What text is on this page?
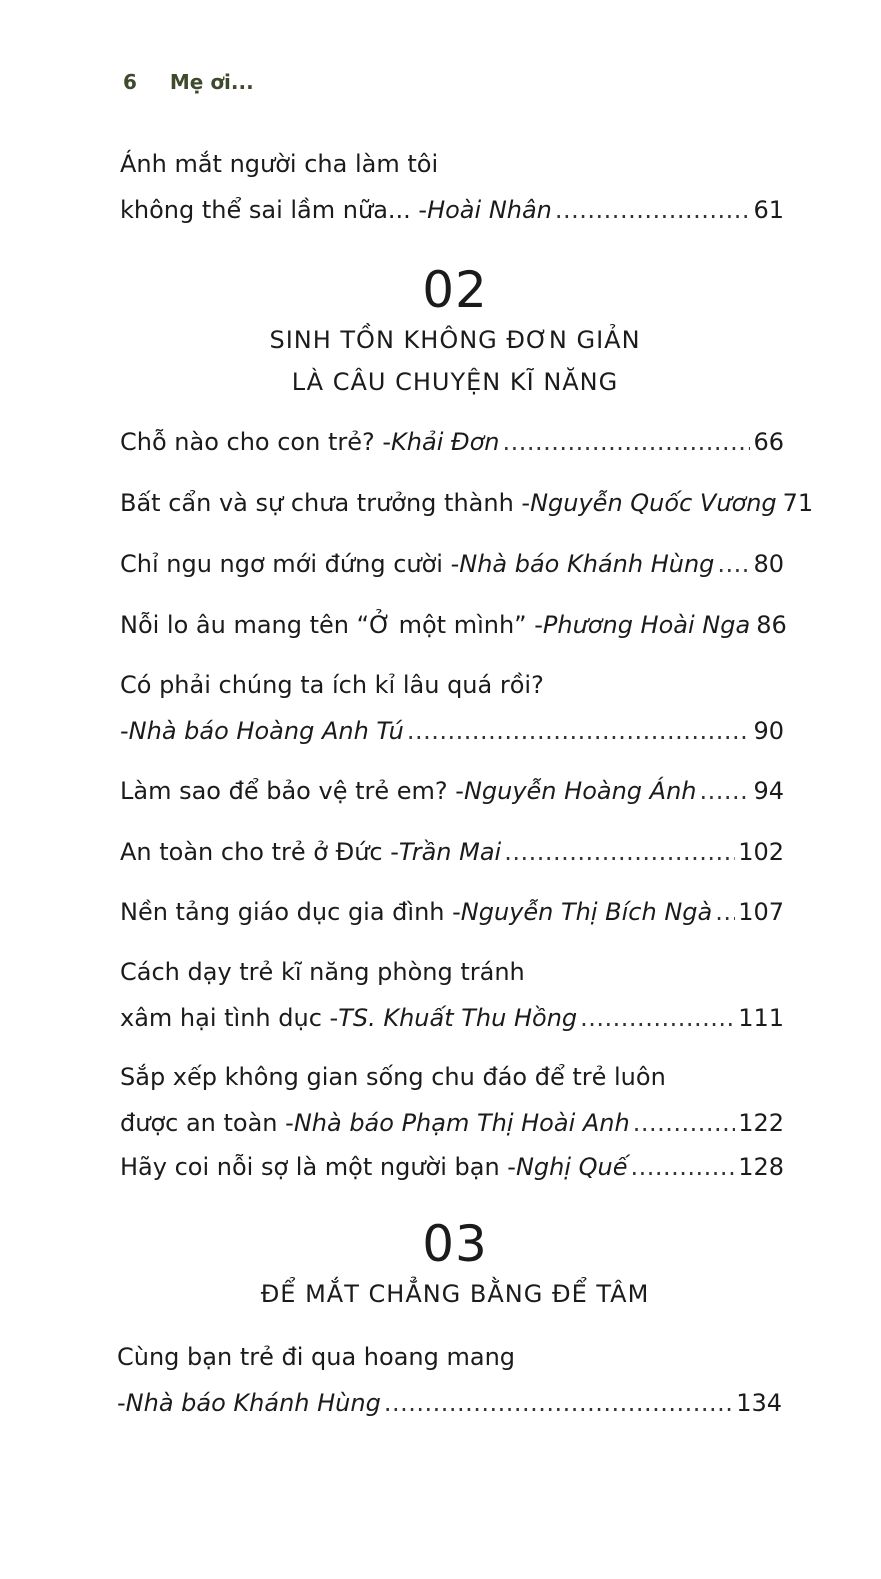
6 Mẹ ơi...
Ánh mắt người cha làm tôi
không thể sai lầm nữa... - Hoài Nhân .....	61
02
SINH TỒN KHÔNG ĐƠN GIẢN
LÀ CÂU CHUYỆN KĨ NĂNG
Chỗ nào cho con trẻ? - Khải Đơn .....	66
Bất cẩn và sự chưa trưởng thành - Nguyễn Quốc Vương 71
Chỉ ngu ngơ mới đứng cười - Nhà báo Khánh Hùng ..... 80
Nỗi lo âu mang tên “Ở một mình” - Phương Hoài Nga 86
Có phải chúng ta ích kỉ lâu quá rồi?
- Nhà báo Hoàng Anh Tú .....	90
Làm sao để bảo vệ trẻ em? - Nguyễn Hoàng Ánh ..... 94
An toàn cho trẻ ở Đức - Trần Mai .....	102
Nền tảng giáo dục gia đình - Nguyễn Thị Bích Ngà ..... 107
Cách dạy trẻ kĩ năng phòng tránh
xâm hại tình dục - TS. Khuất Thu Hồng .....	111
Sắp xếp không gian sống chu đáo để trẻ luôn
được an toàn - Nhà báo Phạm Thị Hoài Anh .....	122
Hãy coi nỗi sợ là một người bạn - Nghị Quế .....	128
03
ĐỂ MẮT CHẲNG BẰNG ĐỂ TÂM
Cùng bạn trẻ đi qua hoang mang
- Nhà báo Khánh Hùng .....	134
